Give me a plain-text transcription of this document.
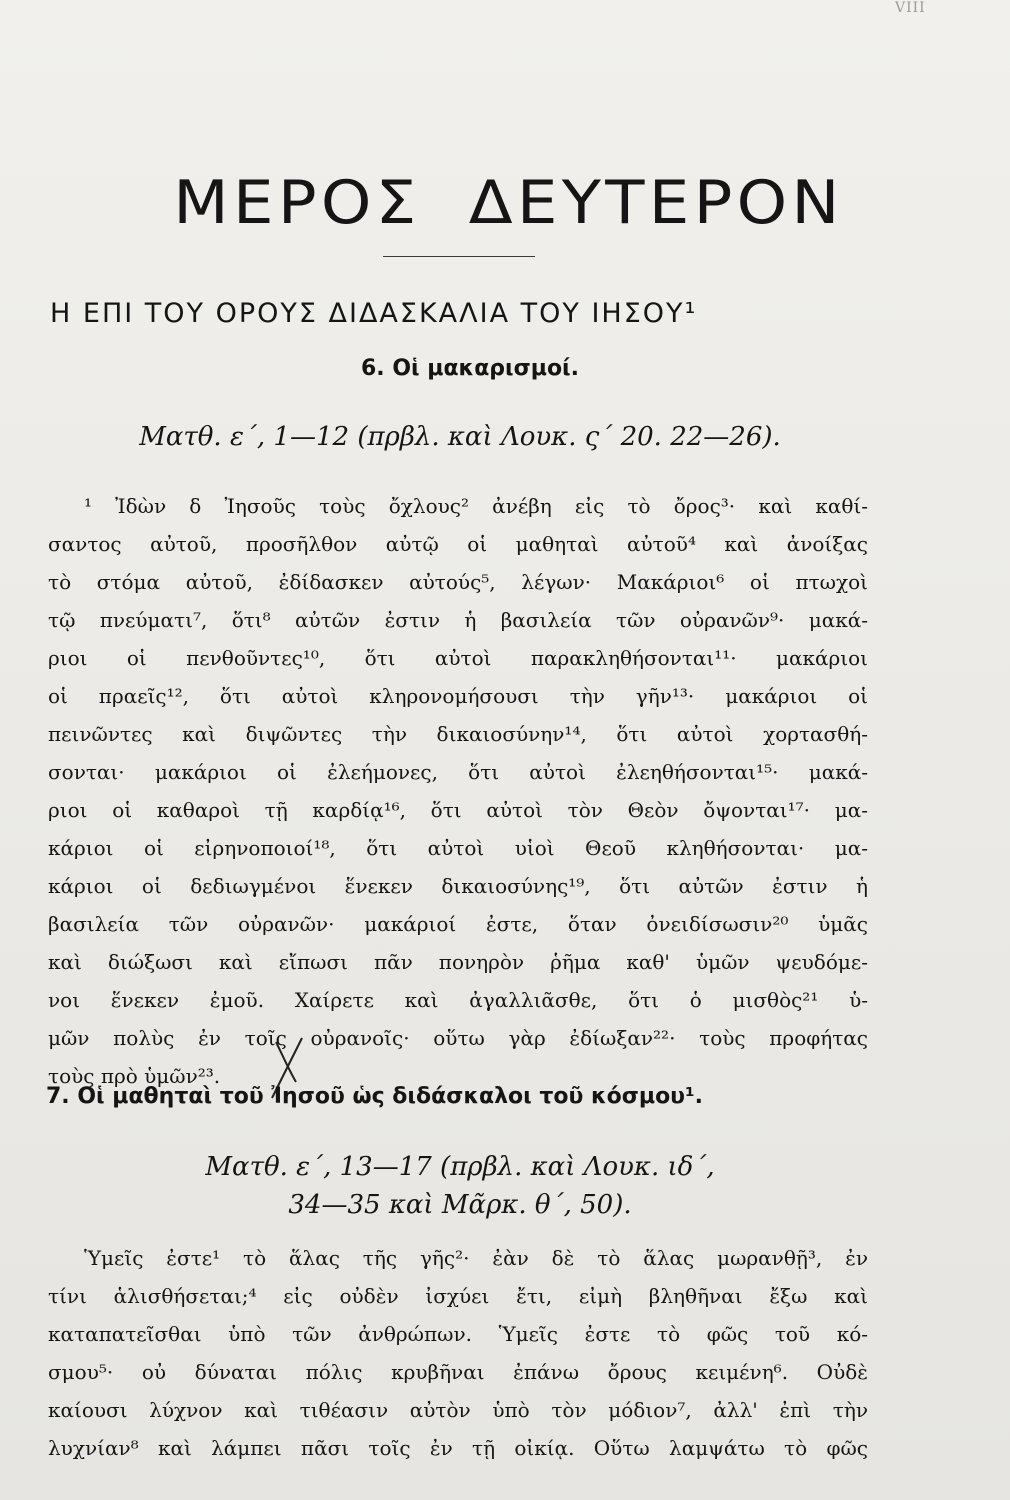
VIII
ΜΕΡΟΣ ΔΕΥΤΕΡΟΝ
Η ΕΠΙ ΤΟΥ ΟΡΟΥΣ ΔΙΔΑΣΚΑΛΙΑ ΤΟΥ ΙΗΣΟΥ¹
6. Οἱ μακαρισμοί.
Ματθ. ε΄, 1—12 (πρβλ. καὶ Λουκ. ς΄ 20. 22—26).
¹ Ἰδὼν δ Ἰησοῦς τοὺς ὄχλους² ἀνέβη εἰς τὸ ὄρος³· καὶ καθί-
σαντος αὐτοῦ, προσῆλθον αὐτῷ οἱ μαθηταὶ αὐτοῦ⁴ καὶ ἀνοίξας
τὸ στόμα αὐτοῦ, ἐδίδασκεν αὐτούς⁵, λέγων· Μακάριοι⁶ οἱ πτωχοὶ
τῷ πνεύματι⁷, ὅτι⁸ αὐτῶν ἐστιν ἡ βασιλεία τῶν οὐρανῶν⁹· μακά-
ριοι οἱ πενθοῦντες¹⁰, ὅτι αὐτοὶ παρακληθήσονται¹¹· μακάριοι
οἱ πραεῖς¹², ὅτι αὐτοὶ κληρονομήσουσι τὴν γῆν¹³· μακάριοι οἱ
πεινῶντες καὶ διψῶντες τὴν δικαιοσύνην¹⁴, ὅτι αὐτοὶ χορτασθή-
σονται· μακάριοι οἱ ἐλεήμονες, ὅτι αὐτοὶ ἐλεηθήσονται¹⁵· μακά-
ριοι οἱ καθαροὶ τῇ καρδίᾳ¹⁶, ὅτι αὐτοὶ τὸν Θεὸν ὄψονται¹⁷· μα-
κάριοι οἱ εἰρηνοποιοί¹⁸, ὅτι αὐτοὶ υἱοὶ Θεοῦ κληθήσονται· μα-
κάριοι οἱ δεδιωγμένοι ἕνεκεν δικαιοσύνης¹⁹, ὅτι αὐτῶν ἐστιν ἡ
βασιλεία τῶν οὐρανῶν· μακάριοί ἐστε, ὅταν ὀνειδίσωσιν²⁰ ὑμᾶς
καὶ διώξωσι καὶ εἴπωσι πᾶν πονηρὸν ῥῆμα καθ' ὑμῶν ψευδόμε-
νοι ἕνεκεν ἐμοῦ. Χαίρετε καὶ ἀγαλλιᾶσθε, ὅτι ὁ μισθὸς²¹ ὑ-
μῶν πολὺς ἐν τοῖς οὐρανοῖς· οὕτω γὰρ ἐδίωξαν²²· τοὺς προφήτας
τοὺς πρὸ ὑμῶν²³.
7. Οἱ μαθηταὶ τοῦ Ἰησοῦ ὡς διδάσκαλοι τοῦ κόσμου¹.
Ματθ. ε΄, 13—17 (πρβλ. καὶ Λουκ. ιδ΄,
34—35 καὶ Μᾶρκ. θ΄, 50).
Ὑμεῖς ἐστε¹ τὸ ἅλας τῆς γῆς²· ἐὰν δὲ τὸ ἅλας μωρανθῇ³, ἐν
τίνι ἁλισθήσεται;⁴ εἰς οὐδὲν ἰσχύει ἔτι, εἰμὴ βληθῆναι ἔξω καὶ
καταπατεῖσθαι ὑπὸ τῶν ἀνθρώπων. Ὑμεῖς ἐστε τὸ φῶς τοῦ κό-
σμου⁵· οὐ δύναται πόλις κρυβῆναι ἐπάνω ὄρους κειμένη⁶. Οὐδὲ
καίουσι λύχνον καὶ τιθέασιν αὐτὸν ὑπὸ τὸν μόδιον⁷, ἀλλ' ἐπὶ τὴν
λυχνίαν⁸ καὶ λάμπει πᾶσι τοῖς ἐν τῇ οἰκίᾳ. Οὕτω λαμψάτω τὸ φῶς
